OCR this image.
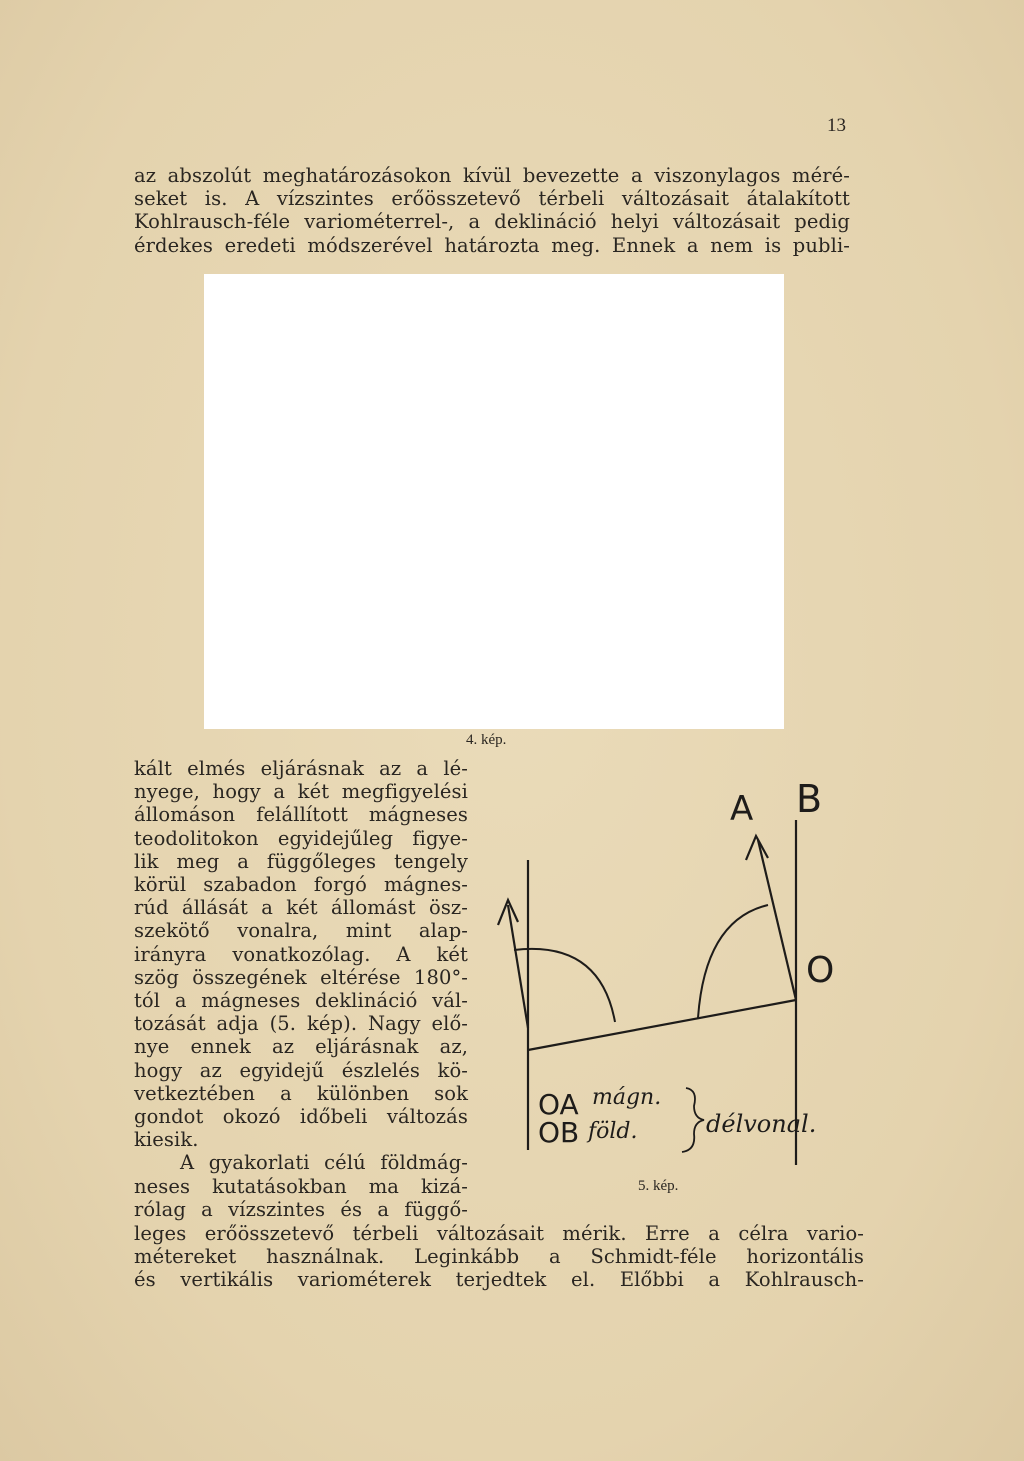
13
az abszolút meghatározásokon kívül bevezette a viszonylagos méré-
seket is. A vízszintes erőösszetevő térbeli változásait átalakított
Kohlrausch-féle variométerrel-, a deklináció helyi változásait pedig
érdekes eredeti módszerével határozta meg. Ennek a nem is publi-
4. kép.
kált elmés eljárásnak az a lé-
nyege, hogy a két megfigyelési
állomáson felállított mágneses
teodolitokon egyidejűleg figye-
lik meg a függőleges tengely
körül szabadon forgó mágnes-
rúd állását a két állomást ösz-
szekötő vonalra, mint alap-
irányra vonatkozólag. A két
szög összegének eltérése 180°-
tól a mágneses deklináció vál-
tozását adja (5. kép). Nagy elő-
nye ennek az eljárásnak az,
hogy az egyidejű észlelés kö-
vetkeztében a különben sok
gondot okozó időbeli változás
kiesik.
A gyakorlati célú földmág-
neses kutatásokban ma kizá-
rólag a vízszintes és a függő-
A B
O
OA mágn.
OB föld.	délvonal.
5. kép.
leges erőösszetevő térbeli változásait mérik. Erre a célra vario-
métereket használnak. Leginkább a Schmidt-féle horizontális
és vertikális variométerek terjedtek el. Előbbi a Kohlrausch-
